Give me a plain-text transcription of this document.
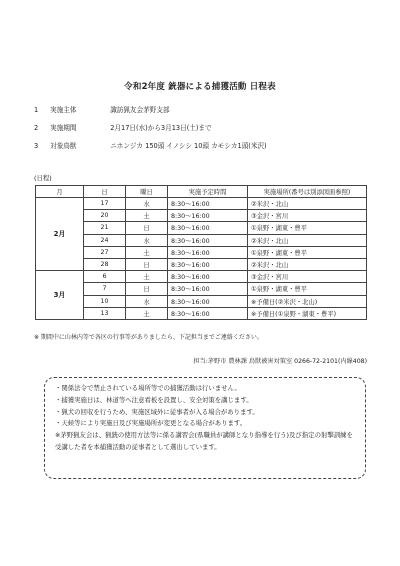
令和2年度 銃器による捕獲活動 日程表
1 実施主体	諏訪猟友会茅野支部
2 実施期間	2月17日(水)から3月13日(土)まで
3 対象鳥獣	ニホンジカ 150頭 イノシシ 10頭 カモシカ1頭(米沢)
(日程)
月	日	曜日	実施予定時間	実施場所(番号は別添図面参照)
2月	17	水	8:30〜16:00	②米沢・北山
	20	土	8:30〜16:00	③金沢・宮川
	21	日	8:30〜16:00	①泉野・湖東・豊平
	24	水	8:30〜16:00	②米沢・北山
	27	土	8:30〜16:00	①泉野・湖東・豊平
	28	日	8:30〜16:00	②米沢・北山
3月	6	土	8:30〜16:00	③金沢・宮川
	7	日	8:30〜16:00	①泉野・湖東・豊平
	10	水	8:30〜16:00	※予備日(②米沢・北山)
	13	土	8:30〜16:00	※予備日(①泉野・湖東・豊平)
※ 期間中に山林内等で各区の行事等がありましたら、下記担当までご連絡ください。
担当:茅野市 農林課 鳥獣被害対策室 0266-72-2101(内線408)
・関係法令で禁止されている場所等での捕獲活動は行いません。
・捕獲実施日は、林道等へ注意看板を設置し、安全対策を講じます。
・猟犬の回収を行うため、実施区域外に従事者が入る場合があります。
・天候等により実施日及び実施場所が変更となる場合があります。
※茅野猟友会は、猟銃の使用方法等に係る講習会(県職員が講師となり指導を行う)及び指定の射撃訓練を受講した者を本捕獲活動の従事者として選出しています。
